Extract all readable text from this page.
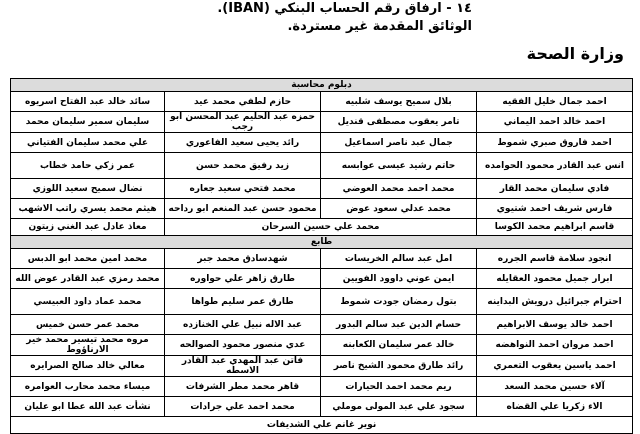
١٤ - ارفاق رقم الحساب البنكي (IBAN).
الوثائق المقدمة غير مستردة.
وزارة الصحة
دبلوم محاسبة			
احمد جمال خليل الفقيه	بلال سميح يوسف شلبيه	حازم لطفي محمد عيد	سائد خالد عبد الفتاح اسريوه
احمد خالد احمد اليماني	تامر يعقوب مصطفى قنديل	حمزه عبد الحليم عبد المحسن ابو رجب	سليمان سمير سليمان محمد
احمد فاروق صبري شموط	جمال عبد ناصر اسماعيل	رائد يحيى سعيد الفاعوري	علي محمد سليمان الفتياني
انس عبد القادر محمود الحوامده	حاتم رشيد عيسى عوابسه	زيد رفيق محمد حسن	عمر زكي حامد خطاب
فادي سليمان محمد القار	محمد احمد محمد العوضي	محمد فتحي سعيد جعاره	نضال سميح سعيد اللوزي
فارس شريف احمد شتيوي	محمد عدلي سعود عوض	محمود حسن عبد المنعم ابو رداحه	هيثم محمد يسري راتب الاشهب
قاسم ابراهيم محمد الكوسا	محمد علي حسين السرحان		معاذ عادل عبد الغني زيتون
طابع			
انجود سلامة قاسم الجرره	امل عبد سالم الخريسات	شهدسادق محمد جبر	محمد امين محمد ابو الدبس
ابرار جميل محمود العقايله	ايمن عوني داوود الفويين	طارق زاهر علي حواوره	محمد رمزي عبد القادر عوض الله
احترام جبرائيل درويش البداينه	بتول رمضان جودت شموط	طارق عمر سليم طواها	محمد عماد داود العبيسي
احمد خالد يوسف الابراهيم	حسام الدين عبد سالم البدور	عبد الاله نبيل علي الخنازده	محمد عمر حسن خميس
احمد مروان احمد النواهضه	خالد عمر سليمان الكعابنه	عدي منصور محمود الصوالحه	مروه محمد تيسير محمد خير الارناؤوط
احمد ياسين يعقوب التعمري	رائد طارق محمود الشيخ ناصر	فاتن عبد المهدي عبد القادر الاسطه	معالي خالد صالح الصرايره
آلاء حسين محمد السعد	ريم محمد احمد الحيارات	قاهر محمد مطر الشرفات	ميساء محمد محارب العوامره
الاء زكريا علي القضاه	سجود علي عبد المولى موملي	محمد احمد علي جرادات	نشأت عبد الله عطا ابو عليان
نوير غانم علي الشديفات			
